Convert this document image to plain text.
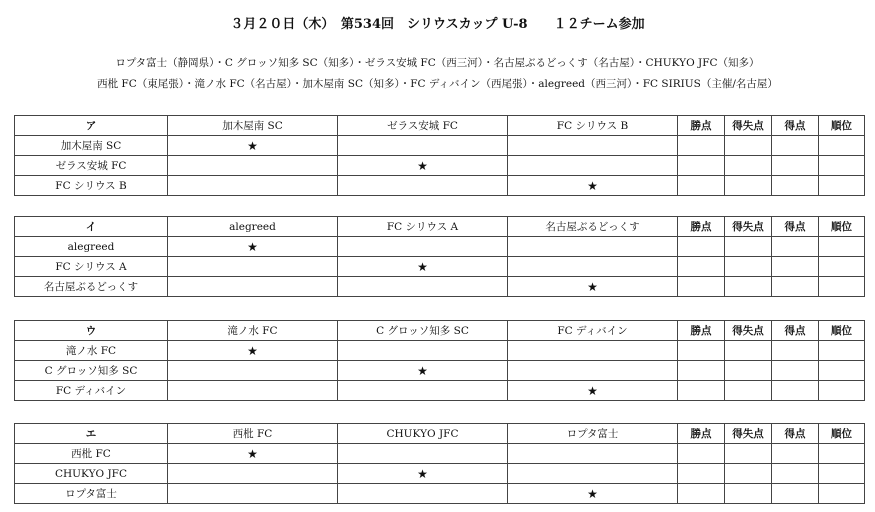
３月２０日（木）　第534回　シリウスカップ U-8　　１２チーム参加
ロプタ富士（静岡県）・C グロッソ知多 SC（知多）・ゼラス安城 FC（西三河）・名古屋ぶるどっくす（名古屋）・CHUKYO JFC（知多）
西枇 FC（東尾張）・滝ノ水 FC（名古屋）・加木屋南 SC（知多）・FC ディバイン（西尾張）・alegreed（西三河）・FC SIRIUS（主催/名古屋）
ア	加木屋南 SC	ゼラス安城 FC	FC シリウス B	勝点	得失点	得点	順位
加木屋南 SC	★						
ゼラス安城 FC		★					
FC シリウス B			★				
イ	alegreed	FC シリウス A	名古屋ぶるどっくす	勝点	得失点	得点	順位
alegreed	★						
FC シリウス A		★					
名古屋ぶるどっくす			★				
ウ	滝ノ水 FC	C グロッソ知多 SC	FC ディバイン	勝点	得失点	得点	順位
滝ノ水 FC	★						
C グロッソ知多 SC		★					
FC ディバイン			★				
エ	西枇 FC	CHUKYO JFC	ロプタ富士	勝点	得失点	得点	順位
西枇 FC	★						
CHUKYO JFC		★					
ロプタ富士			★				
